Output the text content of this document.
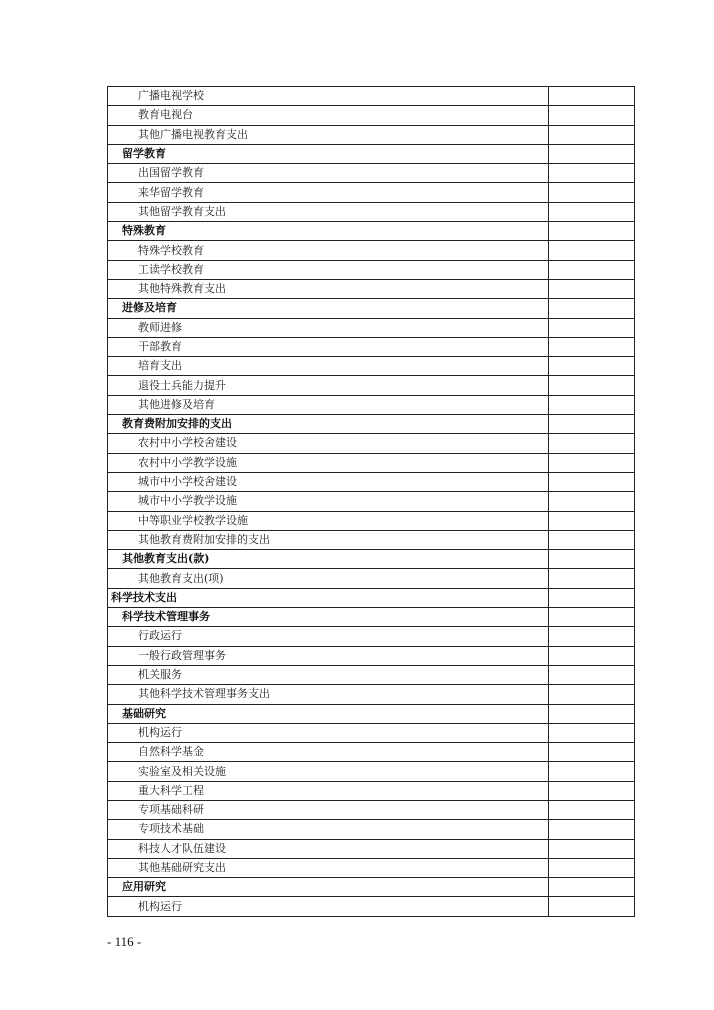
广播电视学校	
教育电视台	
其他广播电视教育支出	
留学教育	
出国留学教育	
来华留学教育	
其他留学教育支出	
特殊教育	
特殊学校教育	
工读学校教育	
其他特殊教育支出	
进修及培育	
教师进修	
干部教育	
培育支出	
退役士兵能力提升	
其他进修及培育	
教育费附加安排的支出	
农村中小学校舍建设	
农村中小学教学设施	
城市中小学校舍建设	
城市中小学教学设施	
中等职业学校教学设施	
其他教育费附加安排的支出	
其他教育支出(款)	
其他教育支出(项)	
科学技术支出	
科学技术管理事务	
行政运行	
一般行政管理事务	
机关服务	
其他科学技术管理事务支出	
基础研究	
机构运行	
自然科学基金	
实验室及相关设施	
重大科学工程	
专项基础科研	
专项技术基础	
科技人才队伍建设	
其他基础研究支出	
应用研究	
机构运行	
- 116 -
